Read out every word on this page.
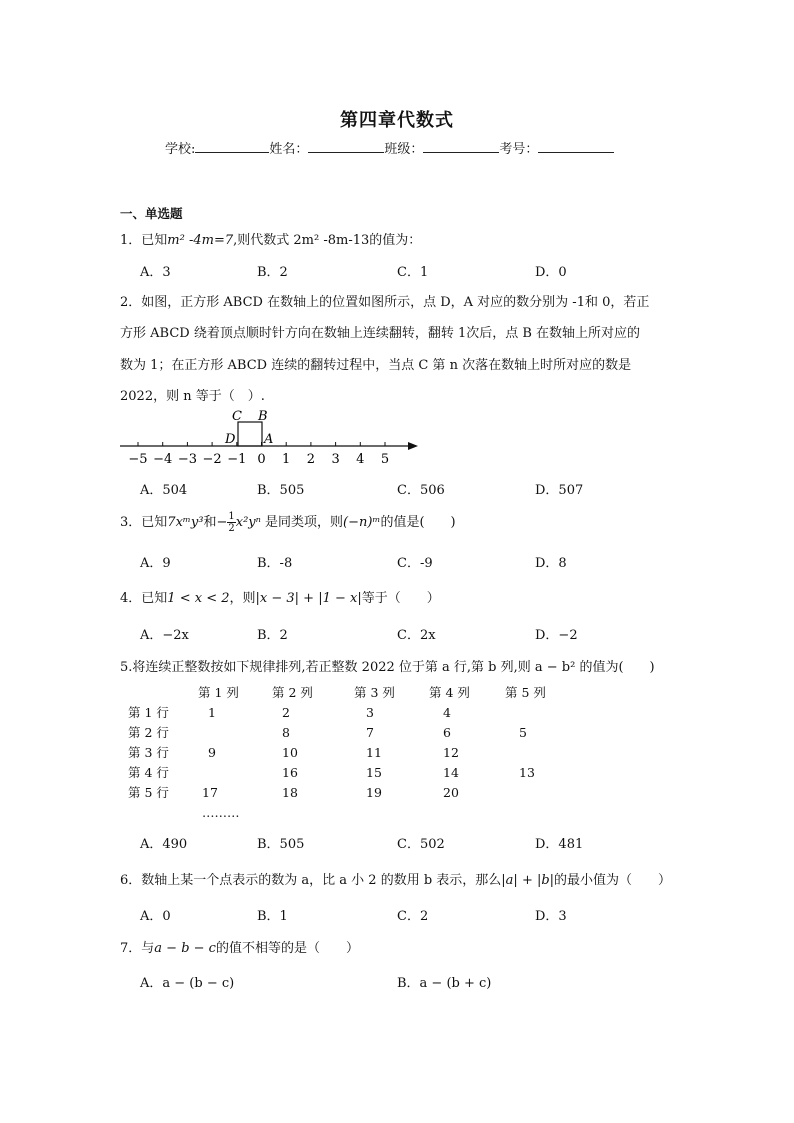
第四章代数式
学校:	姓名：	班级：	考号：
一、单选题
1．已知m² -4m=7,则代数式 2m² -8m-13的值为：
A．3	B．2	C．1	D．0
2．如图，正方形 ABCD 在数轴上的位置如图所示，点 D，A 对应的数分别为 -1和 0，若正
方形 ABCD 绕着顶点顺时针方向在数轴上连续翻转，翻转 1次后，点 B 在数轴上所对应的
数为 1；在正方形 ABCD 连续的翻转过程中，当点 C 第 n 次落在数轴上时所对应的数是
2022，则 n 等于（　）.
−5 −4 −3 −2 −1 0 1 2 3 4 5
C B
D A
A．504	B．505	C．506	D．507
3．已知7xᵐy³和− $\frac{1}{2} x^2y^n$ 是同类项，则(−n)ᵐ的值是(　　)
A．9	B．-8	C．-9	D．8
4．已知1 < x < 2，则|x − 3| + |1 − x|等于（　　）
A．−2x	B．2	C．2x	D．−2
5.将连续正整数按如下规律排列,若正整数 2022 位于第 a 行,第 b 列,则 a − b² 的值为(　　)
	第 1 列	第 2 列	第 3 列	第 4 列	第 5 列
第 1 行	1	2	3	4	
第 2 行		8	7	6	5
第 3 行	9	10	11	12	
第 4 行		16	15	14	13
第 5 行	17	18	19	20	
	………				
A．490	B．505	C．502	D．481
6．数轴上某一个点表示的数为 a，比 a 小 2 的数用 b 表示，那么|a| + |b|的最小值为（　　）
A．0	B．1	C．2	D．3
7．与a − b − c的值不相等的是（　　）
A．a − (b − c)	B．a − (b + c)
